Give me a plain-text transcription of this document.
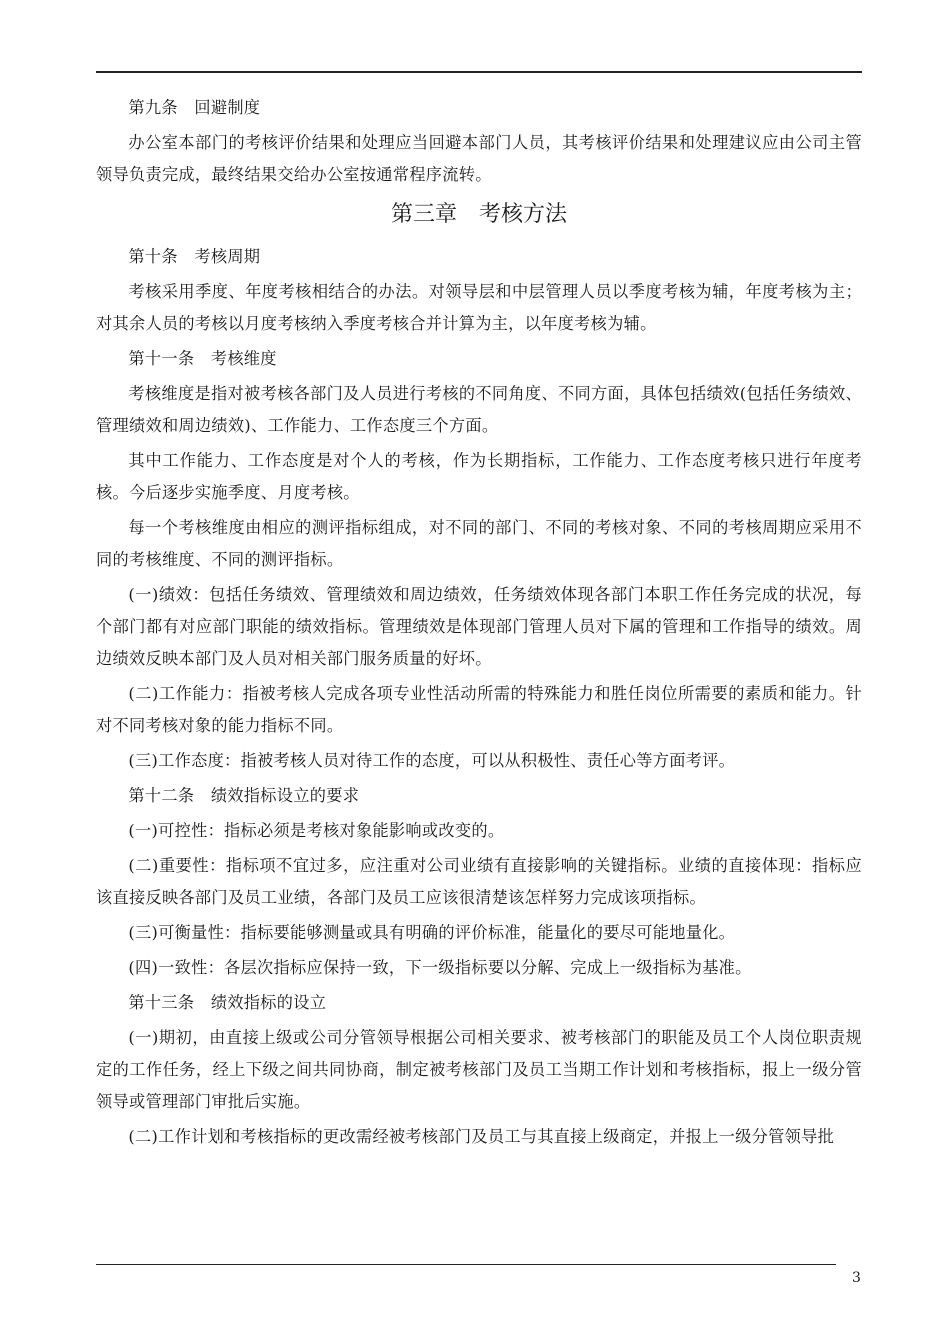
第九条　回避制度

办公室本部门的考核评价结果和处理应当回避本部门人员，其考核评价结果和处理建议应由公司主管领导负责完成，最终结果交给办公室按通常程序流转。

第三章　考核方法

第十条　考核周期

考核采用季度、年度考核相结合的办法。对领导层和中层管理人员以季度考核为辅，年度考核为主；对其余人员的考核以月度考核纳入季度考核合并计算为主，以年度考核为辅。

第十一条　考核维度

考核维度是指对被考核各部门及人员进行考核的不同角度、不同方面，具体包括绩效(包括任务绩效、管理绩效和周边绩效)、工作能力、工作态度三个方面。

其中工作能力、工作态度是对个人的考核，作为长期指标，工作能力、工作态度考核只进行年度考核。今后逐步实施季度、月度考核。

每一个考核维度由相应的测评指标组成，对不同的部门、不同的考核对象、不同的考核周期应采用不同的考核维度、不同的测评指标。

(一)绩效：包括任务绩效、管理绩效和周边绩效，任务绩效体现各部门本职工作任务完成的状况，每个部门都有对应部门职能的绩效指标。管理绩效是体现部门管理人员对下属的管理和工作指导的绩效。周边绩效反映本部门及人员对相关部门服务质量的好坏。

(二)工作能力：指被考核人完成各项专业性活动所需的特殊能力和胜任岗位所需要的素质和能力。针对不同考核对象的能力指标不同。

(三)工作态度：指被考核人员对待工作的态度，可以从积极性、责任心等方面考评。

第十二条　绩效指标设立的要求

(一)可控性：指标必须是考核对象能影响或改变的。

(二)重要性：指标项不宜过多，应注重对公司业绩有直接影响的关键指标。业绩的直接体现：指标应该直接反映各部门及员工业绩，各部门及员工应该很清楚该怎样努力完成该项指标。

(三)可衡量性：指标要能够测量或具有明确的评价标准，能量化的要尽可能地量化。

(四)一致性：各层次指标应保持一致，下一级指标要以分解、完成上一级指标为基准。

第十三条　绩效指标的设立

(一)期初，由直接上级或公司分管领导根据公司相关要求、被考核部门的职能及员工个人岗位职责规定的工作任务，经上下级之间共同协商，制定被考核部门及员工当期工作计划和考核指标，报上一级分管领导或管理部门审批后实施。

(二)工作计划和考核指标的更改需经被考核部门及员工与其直接上级商定，并报上一级分管领导批

3
